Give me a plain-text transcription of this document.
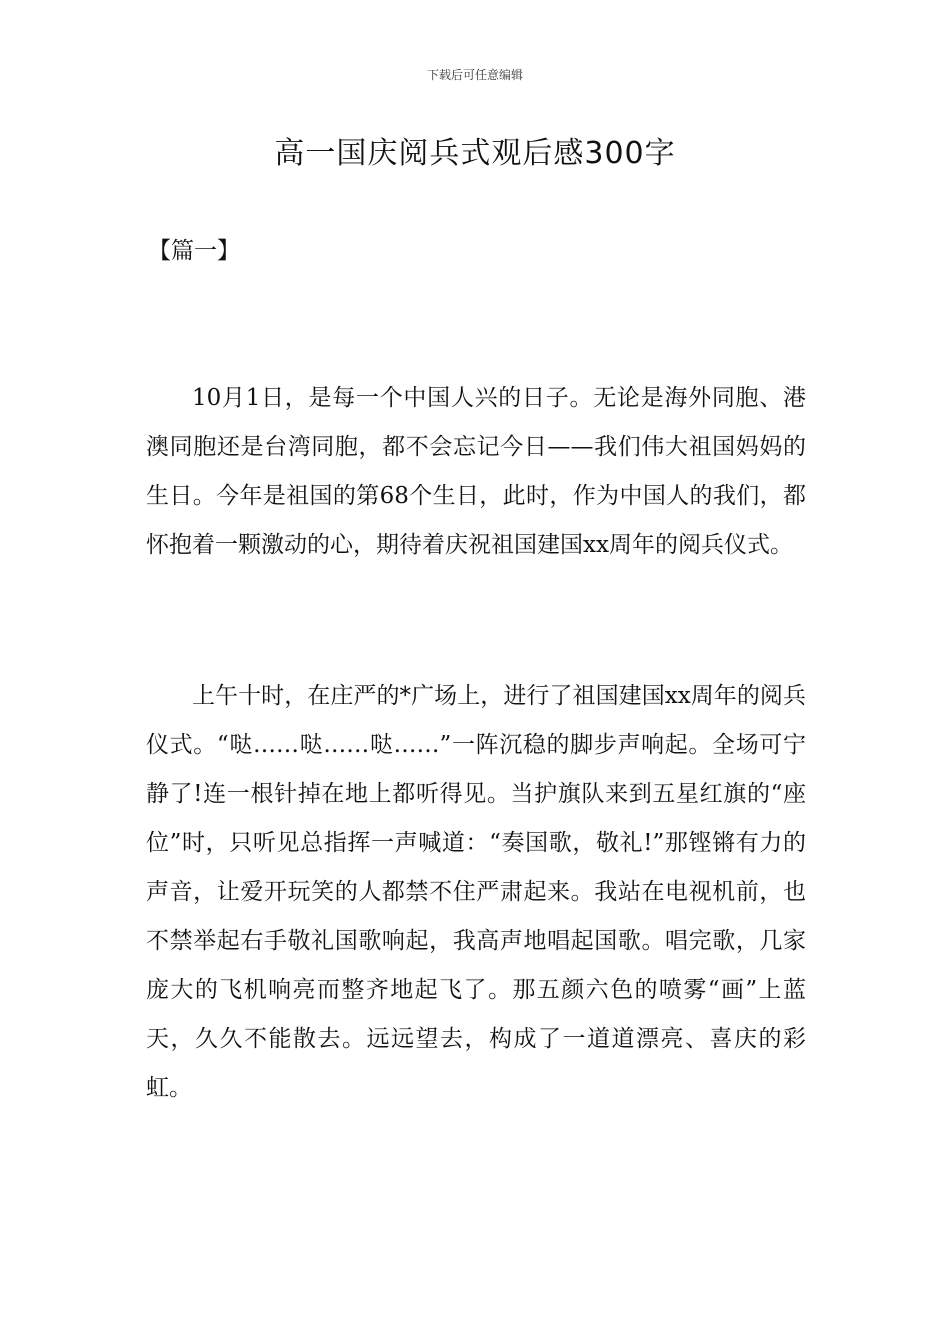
下载后可任意编辑
高一国庆阅兵式观后感300字
【篇一】

10月1日，是每一个中国人兴的日子。无论是海外同胞、港澳同胞还是台湾同胞，都不会忘记今日——我们伟大祖国妈妈的生日。今年是祖国的第68个生日，此时，作为中国人的我们，都怀抱着一颗激动的心，期待着庆祝祖国建国xx周年的阅兵仪式。

上午十时，在庄严的*广场上，进行了祖国建国xx周年的阅兵仪式。“哒……哒……哒……”一阵沉稳的脚步声响起。全场可宁静了!连一根针掉在地上都听得见。当护旗队来到五星红旗的“座位”时，只听见总指挥一声喊道：“奏国歌，敬礼!”那铿锵有力的声音，让爱开玩笑的人都禁不住严肃起来。我站在电视机前，也不禁举起右手敬礼国歌响起，我高声地唱起国歌。唱完歌，几家庞大的飞机响亮而整齐地起飞了。那五颜六色的喷雾“画”上蓝天，久久不能散去。远远望去，构成了一道道漂亮、喜庆的彩虹。
